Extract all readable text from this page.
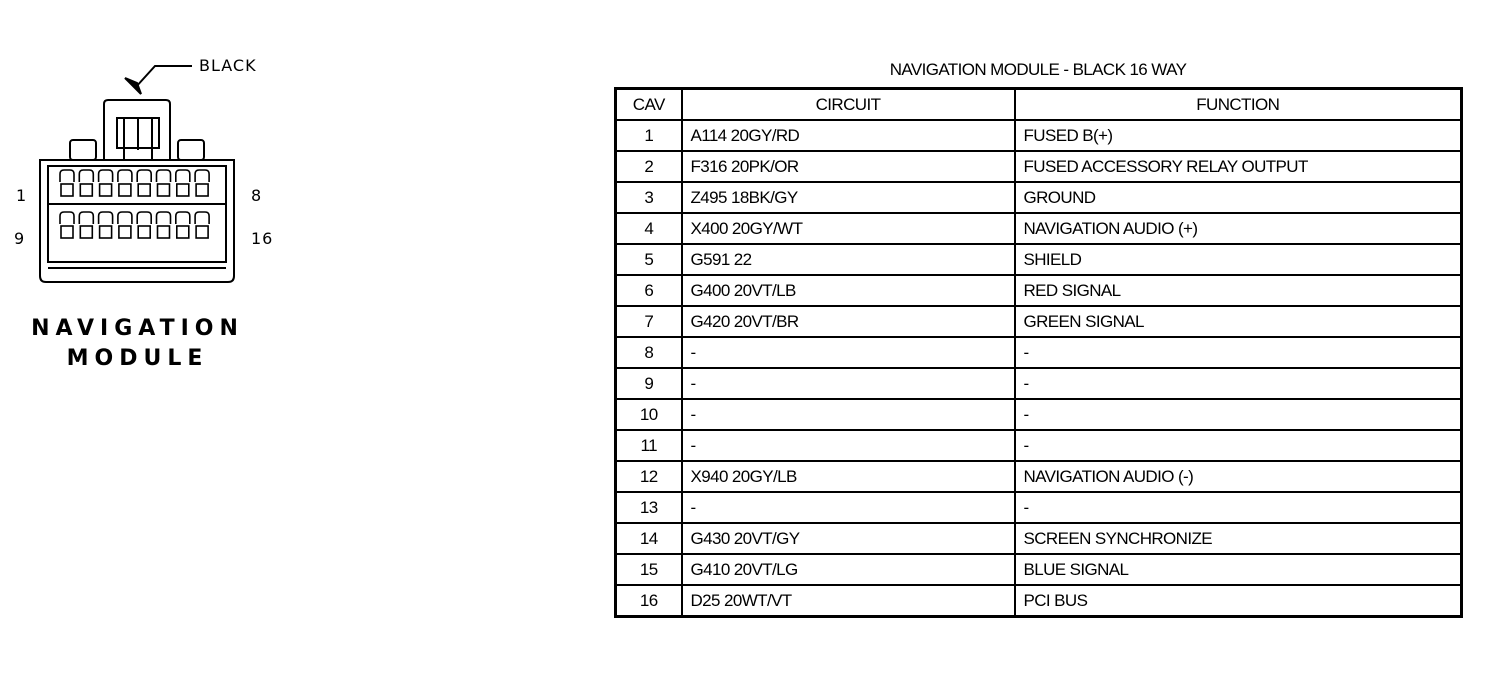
BLACK
1	8
9	16
NAVIGATION
MODULE
NAVIGATION MODULE - BLACK 16 WAY
CAV	CIRCUIT	FUNCTION
1	A114 20GY/RD	FUSED B(+)
2	F316 20PK/OR	FUSED ACCESSORY RELAY OUTPUT
3	Z495 18BK/GY	GROUND
4	X400 20GY/WT	NAVIGATION AUDIO (+)
5	G591 22	SHIELD
6	G400 20VT/LB	RED SIGNAL
7	G420 20VT/BR	GREEN SIGNAL
8	-	-
9	-	-
10	-	-
11	-	-
12	X940 20GY/LB	NAVIGATION AUDIO (-)
13	-	-
14	G430 20VT/GY	SCREEN SYNCHRONIZE
15	G410 20VT/LG	BLUE SIGNAL
16	D25 20WT/VT	PCI BUS
